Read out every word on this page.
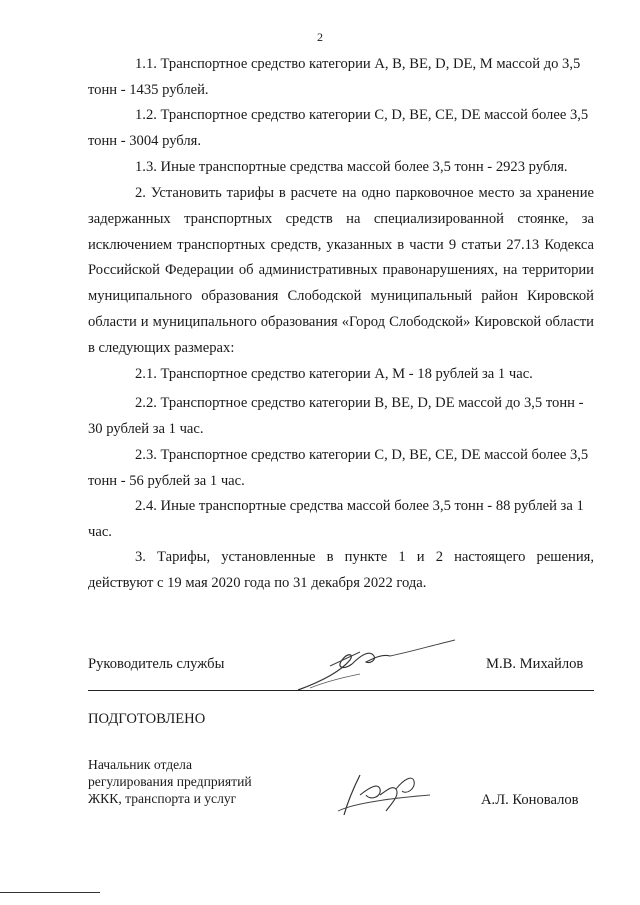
2

1.1. Транспортное средство категории A, B, BE, D, DE, M массой до 3,5 тонн - 1435 рублей.

1.2. Транспортное средство категории C, D, BE, CE, DE массой более 3,5 тонн - 3004 рубля.

1.3. Иные транспортные средства массой более 3,5 тонн - 2923 рубля.

2. Установить тарифы в расчете на одно парковочное место за хранение задержанных транспортных средств на специализированной стоянке, за исключением транспортных средств, указанных в части 9 статьи 27.13 Кодекса Российской Федерации об административных правонарушениях, на территории муниципального образования Слободской муниципальный район Кировской области и муниципального образования «Город Слободской» Кировской области в следующих размерах:

2.1. Транспортное средство категории A, M - 18 рублей за 1 час.

2.2. Транспортное средство категории B, BE, D, DE массой до 3,5 тонн - 30 рублей за 1 час.

2.3. Транспортное средство категории C, D, BE, CE, DE массой более 3,5 тонн - 56 рублей за 1 час.

2.4. Иные транспортные средства массой более 3,5 тонн - 88 рублей за 1 час.

3. Тарифы, установленные в пункте 1 и 2 настоящего решения, действуют с 19 мая 2020 года по 31 декабря 2022 года.

Руководитель службы	М.В. Михайлов
ПОДГОТОВЛЕНО
Начальник отдела
регулирования предприятий
ЖКК, транспорта и услуг	А.Л. Коновалов
